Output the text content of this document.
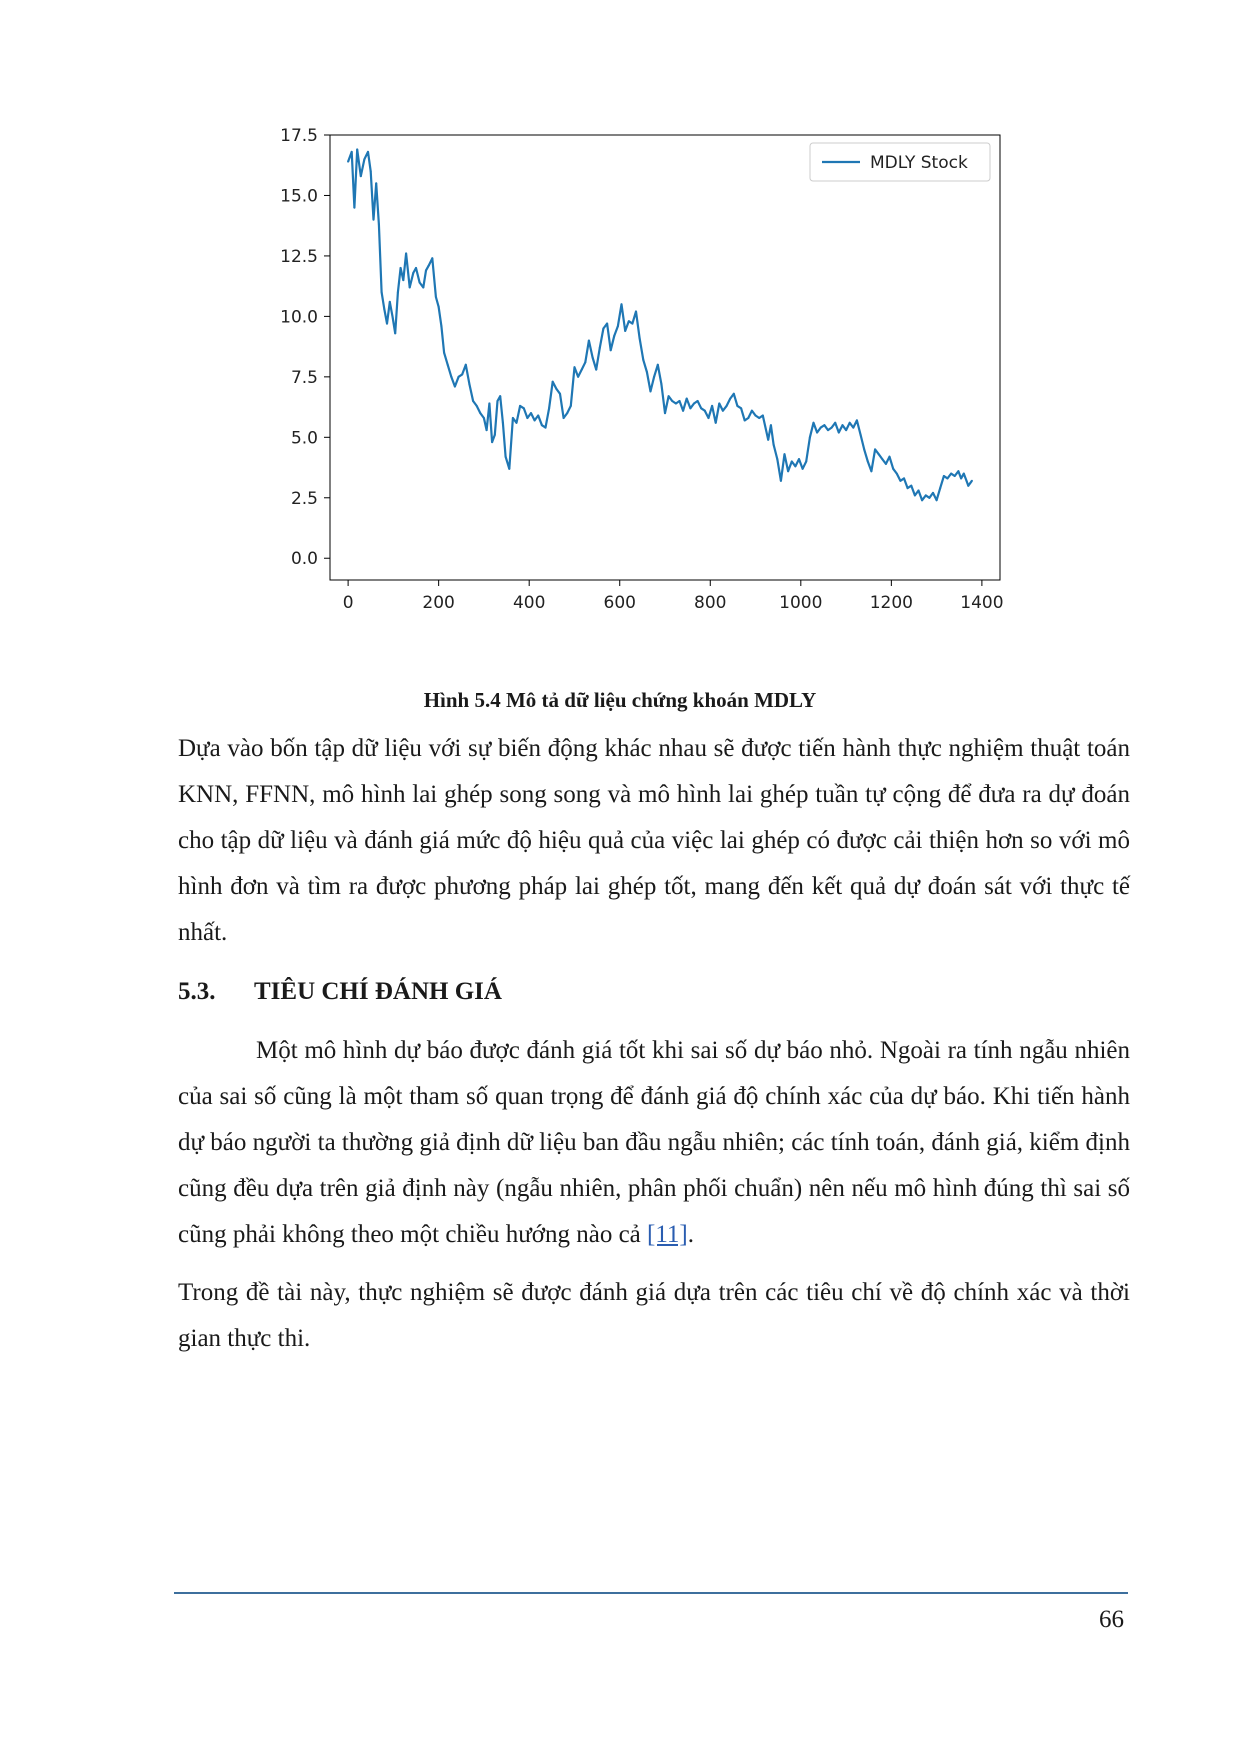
0	200	400	600	800	1000	1200	1400
0.0
2.5
5.0
7.5
10.0
12.5
15.0
17.5
MDLY Stock
Hình 5.4 Mô tả dữ liệu chứng khoán MDLY

Dựa vào bốn tập dữ liệu với sự biến động khác nhau sẽ được tiến hành thực nghiệm thuật toán KNN, FFNN, mô hình lai ghép song song và mô hình lai ghép tuần tự cộng để đưa ra dự đoán cho tập dữ liệu và đánh giá mức độ hiệu quả của việc lai ghép có được cải thiện hơn so với mô hình đơn và tìm ra được phương pháp lai ghép tốt, mang đến kết quả dự đoán sát với thực tế nhất.

5.3. TIÊU CHÍ ĐÁNH GIÁ

Một mô hình dự báo được đánh giá tốt khi sai số dự báo nhỏ. Ngoài ra tính ngẫu nhiên của sai số cũng là một tham số quan trọng để đánh giá độ chính xác của dự báo. Khi tiến hành dự báo người ta thường giả định dữ liệu ban đầu ngẫu nhiên; các tính toán, đánh giá, kiểm định cũng đều dựa trên giả định này (ngẫu nhiên, phân phối chuẩn) nên nếu mô hình đúng thì sai số cũng phải không theo một chiều hướng nào cả [11].

Trong đề tài này, thực nghiệm sẽ được đánh giá dựa trên các tiêu chí về độ chính xác và thời gian thực thi.

66
